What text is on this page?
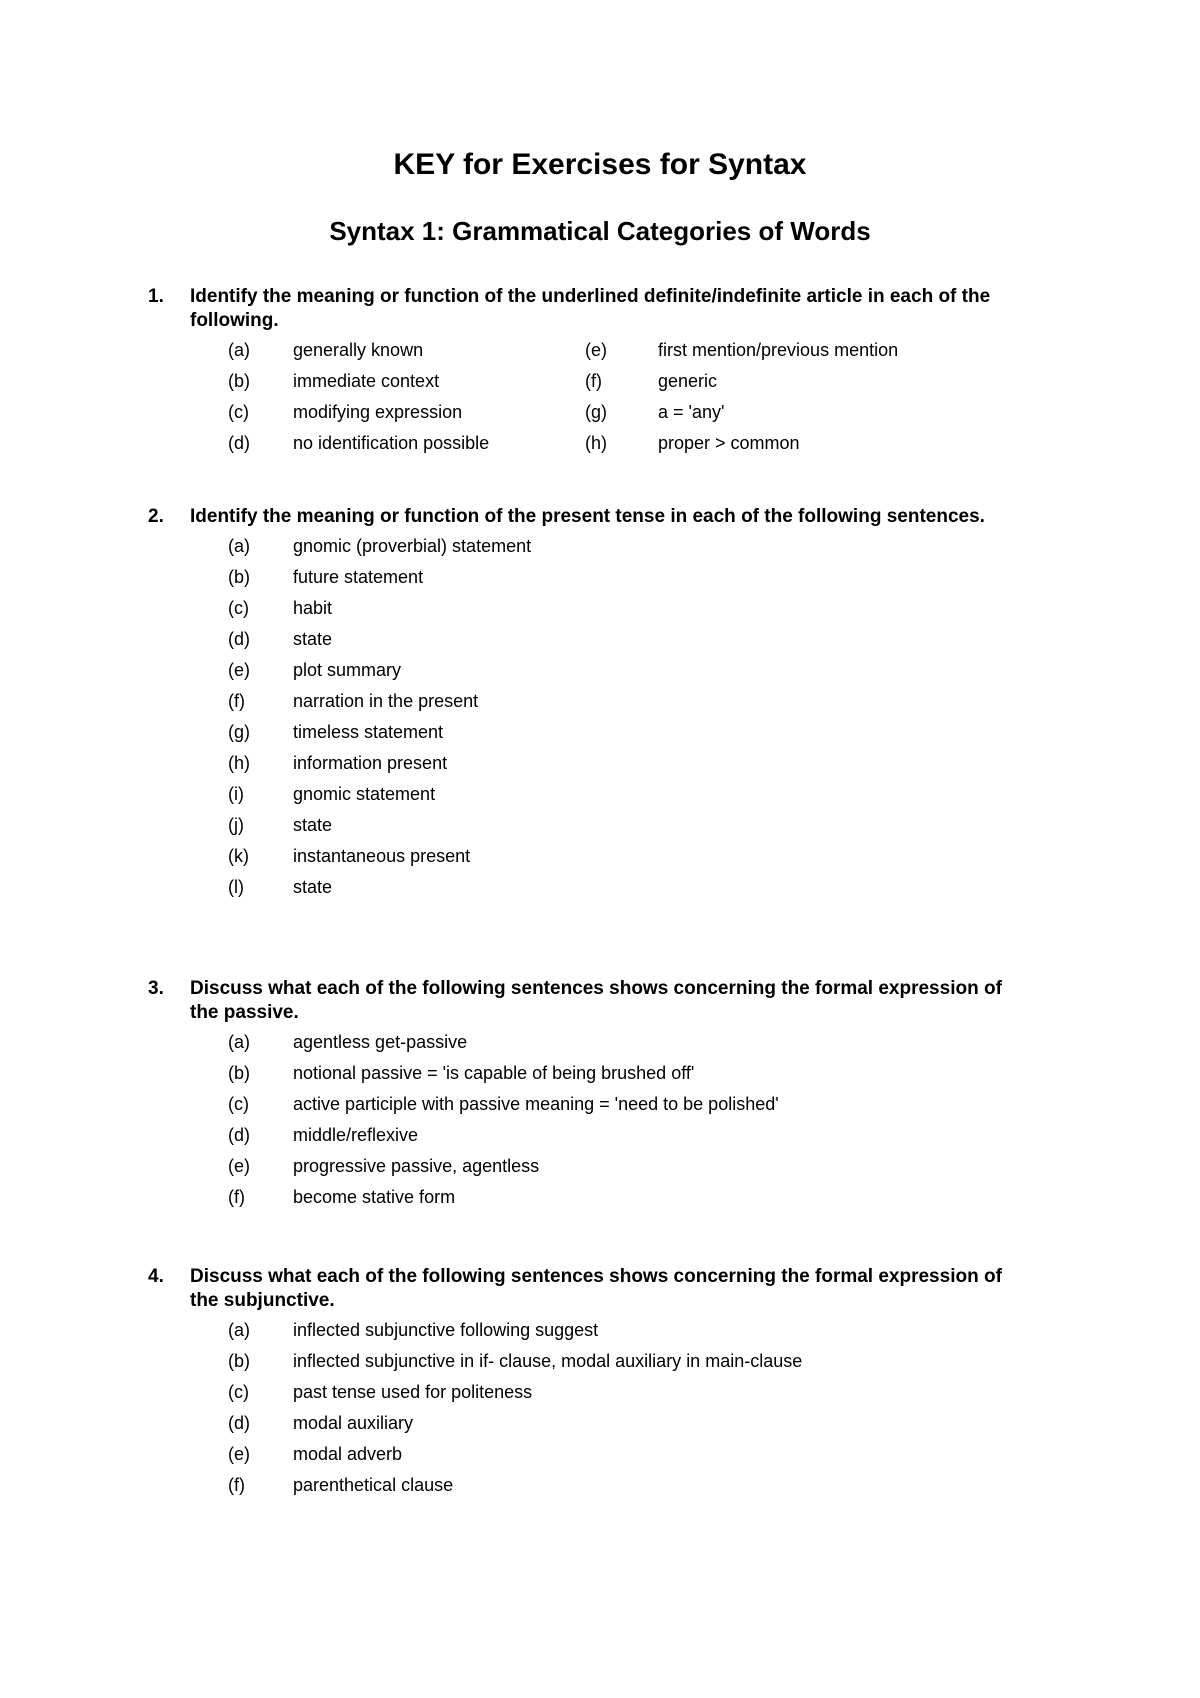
KEY for Exercises for Syntax
Syntax 1: Grammatical Categories of Words
1. Identify the meaning or function of the underlined definite/indefinite article in each of the following.
(a) generally known	(e)	first mention/previous mention
(b) immediate context	(f)	generic
(c) modifying expression	(g)	a = 'any'
(d) no identification possible	(h)	proper > common
2. Identify the meaning or function of the present tense in each of the following sentences.
(a) gnomic (proverbial) statement
(b) future statement
(c) habit
(d) state
(e) plot summary
(f)	narration in the present
(g) timeless statement
(h) information present
(i)	gnomic statement
(j)	state
(k) instantaneous present
(l)	state
3. Discuss what each of the following sentences shows concerning the formal expression of the passive.
(a) agentless get-passive
(b) notional passive = 'is capable of being brushed off'
(c) active participle with passive meaning = 'need to be polished'
(d) middle/reflexive
(e) progressive passive, agentless
(f)	become stative form
4. Discuss what each of the following sentences shows concerning the formal expression of the subjunctive.
(a) inflected subjunctive following suggest
(b) inflected subjunctive in if- clause, modal auxiliary in main-clause
(c) past tense used for politeness
(d) modal auxiliary
(e) modal adverb
(f)	parenthetical clause
